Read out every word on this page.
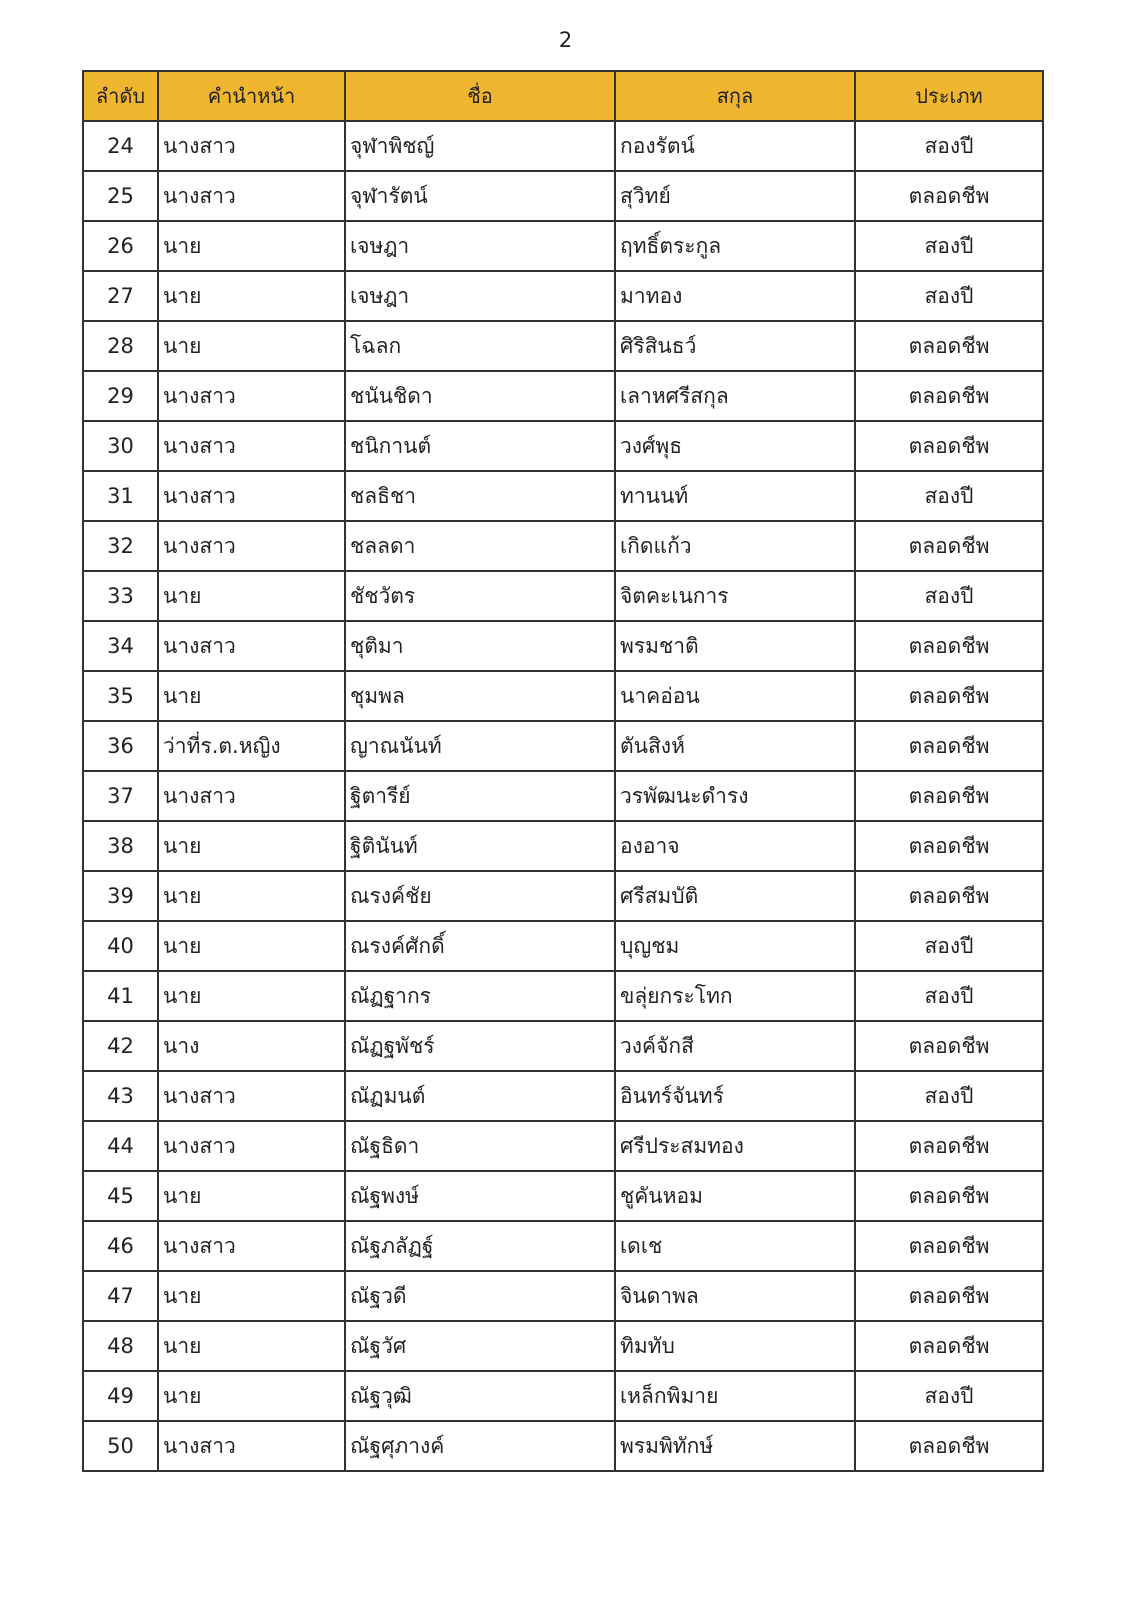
2
ลำดับ	คำนำหน้า	ชื่อ	สกุล	ประเภท
24	นางสาว	จุฬาพิชญ์	กองรัตน์	สองปี
25	นางสาว	จุฬารัตน์	สุวิทย์	ตลอดชีพ
26	นาย	เจษฎา	ฤทธิ์ตระกูล	สองปี
27	นาย	เจษฎา	มาทอง	สองปี
28	นาย	โฉลก	ศิริสินธว์	ตลอดชีพ
29	นางสาว	ชนันชิดา	เลาหศรีสกุล	ตลอดชีพ
30	นางสาว	ชนิกานต์	วงศ์พุธ	ตลอดชีพ
31	นางสาว	ชลธิชา	ทานนท์	สองปี
32	นางสาว	ชลลดา	เกิดแก้ว	ตลอดชีพ
33	นาย	ชัชวัตร	จิตคะเนการ	สองปี
34	นางสาว	ชุติมา	พรมชาติ	ตลอดชีพ
35	นาย	ชุมพล	นาคอ่อน	ตลอดชีพ
36	ว่าที่ร.ต.หญิง	ญาณนันท์	ตันสิงห์	ตลอดชีพ
37	นางสาว	ฐิตารีย์	วรพัฒนะดำรง	ตลอดชีพ
38	นาย	ฐิตินันท์	องอาจ	ตลอดชีพ
39	นาย	ณรงค์ชัย	ศรีสมบัติ	ตลอดชีพ
40	นาย	ณรงค์ศักดิ์	บุญชม	สองปี
41	นาย	ณัฏฐากร	ขลุ่ยกระโทก	สองปี
42	นาง	ณัฏฐพัชร์	วงค์จักสี	ตลอดชีพ
43	นางสาว	ณัฏมนต์	อินทร์จันทร์	สองปี
44	นางสาว	ณัฐธิดา	ศรีประสมทอง	ตลอดชีพ
45	นาย	ณัฐพงษ์	ชูคันหอม	ตลอดชีพ
46	นางสาว	ณัฐภลัฏฐ์	เดเช	ตลอดชีพ
47	นาย	ณัฐวดี	จินดาพล	ตลอดชีพ
48	นาย	ณัฐวัศ	ทิมทับ	ตลอดชีพ
49	นาย	ณัฐวุฒิ	เหล็กพิมาย	สองปี
50	นางสาว	ณัฐศุภางค์	พรมพิทักษ์	ตลอดชีพ
